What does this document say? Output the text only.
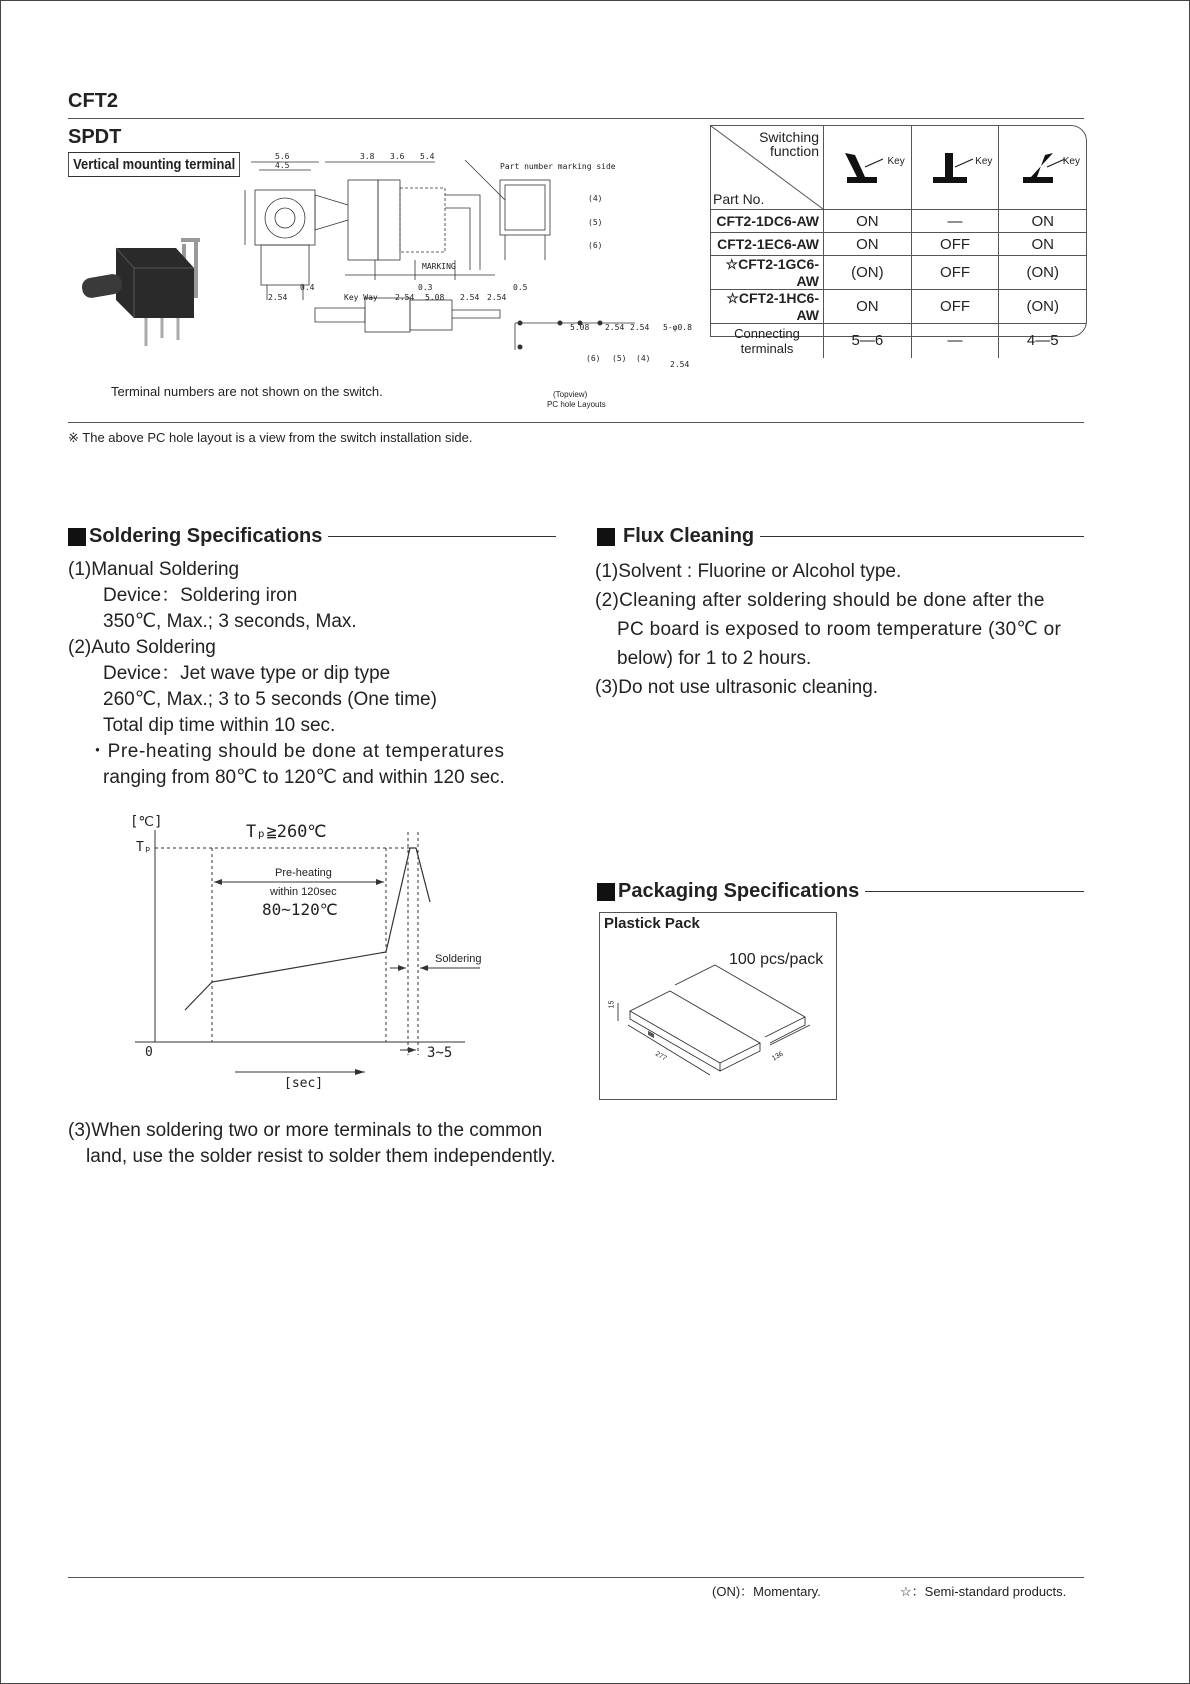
CFT2
SPDT
Vertical mounting terminal	5.6
4.5
3.8 3.6 5.4
0.4
2.54
0.3
2.54 5.08 2.54 2.54
0.5
5.08 2.54 2.54 5-φ0.8
2.54
(4)
(5)
(6)
(6) (5) (4)
Part number marking side
MARKING
Key Way
(Topview)
PC hole Layouts
Terminal numbers are not shown on the switch.
Switching function
Part No.	Key	Key	Key

CFT2-1DC6-AW	ON	—	ON
CFT2-1EC6-AW	ON	OFF	ON
☆CFT2-1GC6-AW	(ON)	OFF	(ON)
☆CFT2-1HC6-AW	ON	OFF	(ON)
Connecting terminals	5—6	—	4—5
※ The above PC hole layout is a view from the switch installation side.
Soldering Specifications
(1)Manual Soldering
Device：Soldering iron
350℃, Max.; 3 seconds, Max.
(2)Auto Soldering
Device：Jet wave type or dip type
260℃, Max.; 3 to 5 seconds (One time)
Total dip time within 10 sec.
・Pre-heating should be done at temperatures
ranging from 80℃ to 120℃ and within 120 sec.
[℃]
Tₚ
Tₚ≧260℃
Pre-heating
within 120sec
80~120℃
Soldering
0	3~5
[sec]
(3)When soldering two or more terminals to the common
land, use the solder resist to solder them independently.
Flux Cleaning
(1)Solvent : Fluorine or Alcohol type.
(2)Cleaning after soldering should be done after the
PC board is exposed to room temperature (30℃ or
below) for 1 to 2 hours.
(3)Do not use ultrasonic cleaning.
Packaging Specifications
Plastick Pack
100 pcs/pack
15
277	136
(ON)：Momentary.	☆：Semi-standard products.
